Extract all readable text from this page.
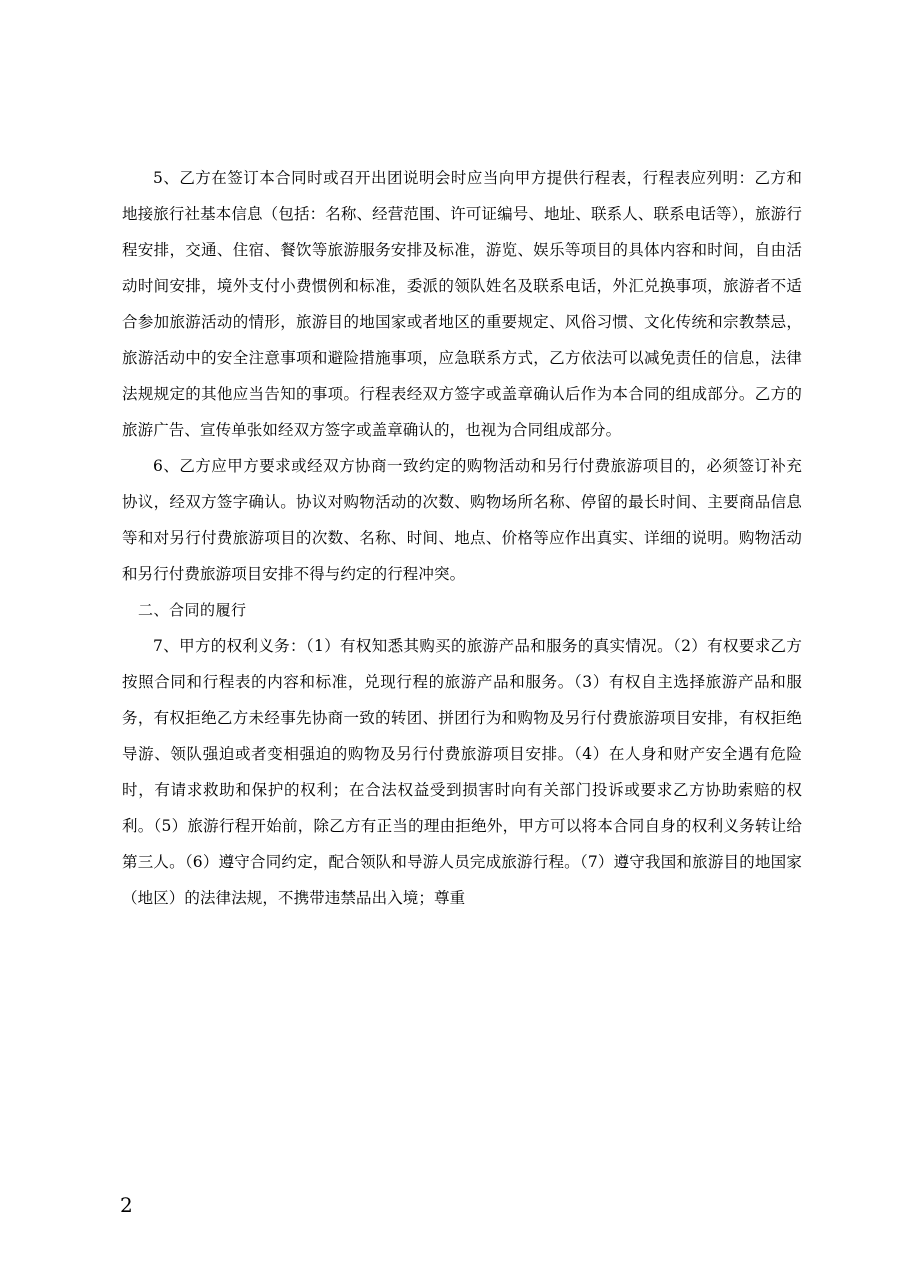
5、乙方在签订本合同时或召开出团说明会时应当向甲方提供行程表，行程表应列明：乙方和地接旅行社基本信息（包括：名称、经营范围、许可证编号、地址、联系人、联系电话等），旅游行程安排，交通、住宿、餐饮等旅游服务安排及标准，游览、娱乐等项目的具体内容和时间，自由活动时间安排，境外支付小费惯例和标准，委派的领队姓名及联系电话，外汇兑换事项，旅游者不适合参加旅游活动的情形，旅游目的地国家或者地区的重要规定、风俗习惯、文化传统和宗教禁忌，旅游活动中的安全注意事项和避险措施事项，应急联系方式，乙方依法可以减免责任的信息，法律法规规定的其他应当告知的事项。行程表经双方签字或盖章确认后作为本合同的组成部分。乙方的旅游广告、宣传单张如经双方签字或盖章确认的，也视为合同组成部分。

6、乙方应甲方要求或经双方协商一致约定的购物活动和另行付费旅游项目的，必须签订补充协议，经双方签字确认。协议对购物活动的次数、购物场所名称、停留的最长时间、主要商品信息等和对另行付费旅游项目的次数、名称、时间、地点、价格等应作出真实、详细的说明。购物活动和另行付费旅游项目安排不得与约定的行程冲突。

二、合同的履行

7、甲方的权利义务：（1）有权知悉其购买的旅游产品和服务的真实情况。（2）有权要求乙方按照合同和行程表的内容和标准，兑现行程的旅游产品和服务。（3）有权自主选择旅游产品和服务，有权拒绝乙方未经事先协商一致的转团、拼团行为和购物及另行付费旅游项目安排，有权拒绝导游、领队强迫或者变相强迫的购物及另行付费旅游项目安排。（4）在人身和财产安全遇有危险时，有请求救助和保护的权利；在合法权益受到损害时向有关部门投诉或要求乙方协助索赔的权利。（5）旅游行程开始前，除乙方有正当的理由拒绝外，甲方可以将本合同自身的权利义务转让给第三人。（6）遵守合同约定，配合领队和导游人员完成旅游行程。（7）遵守我国和旅游目的地国家（地区）的法律法规，不携带违禁品出入境；尊重

2
